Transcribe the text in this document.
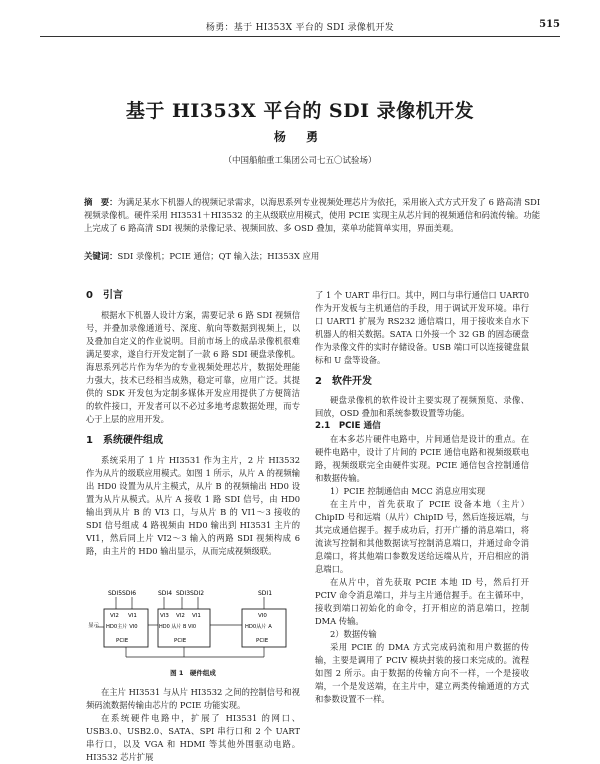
杨勇：基于 HI353X 平台的 SDI 录像机开发	515
基于 HI353X 平台的 SDI 录像机开发
杨 勇
（中国船舶重工集团公司七五〇试验场）
摘　要：为满足某水下机器人的视频记录需求，以海思系列专业视频处理芯片为依托，采用嵌入式方式开发了 6 路高清 SDI 视频录像机。硬件采用 HI3531＋HI3532 的主从级联应用模式，使用 PCIE 实现主从芯片间的视频通信和码流传输。功能上完成了 6 路高清 SDI 视频的录像记录、视频回放、多 OSD 叠加，菜单功能简单实用，界面美观。
关键词：SDI 录像机；PCIE 通信；QT 输入法；HI353X 应用
0　引言

根据水下机器人设计方案，需要记录 6 路 SDI 视频信号，并叠加录像通道号、深度、航向等数据到视频上，以及叠加自定义的作业说明。目前市场上的成品录像机很难满足要求，遂自行开发定制了一款 6 路 SDI 硬盘录像机。海思系列芯片作为华为的专业视频处理芯片，数据处理能力强大，技术已经相当成熟，稳定可靠，应用广泛。其提供的 SDK 开发包为定制多媒体开发应用提供了方便简洁的软件接口，开发者可以不必过多地考虑数据处理，而专心于上层的应用开发。

1　系统硬件组成

系统采用了 1 片 HI3531 作为主片，2 片 HI3532 作为从片的级联应用模式。如图 1 所示，从片 A 的视频输出 HD0 设置为从片主模式，从片 B 的视频输出 HD0 设置为从片从模式。从片 A 接收 1 路 SDI 信号，由 HD0 输出到从片 B 的 VI3 口，与从片 B 的 VI1～3 接收的 SDI 信号组成 4 路视频由 HD0 输出到 HI3531 主片的 VI1，然后同上片 VI2～3 输入的两路 SDI 视频构成 6 路，由主片的 HD0 输出显示，从而完成视频级联。

SDI5SDI6	SDI4 SDI3SDI2	SDI1
VI2 VI1
HD0主片 VI0
PCIE
VI3 VI2 VI1
HD0 从片 B VI0
PCIE
VI0
HD0从片 A
PCIE
显示
图 1　硬件组成

在主片 HI3531 与从片 HI3532 之间的控制信号和视频码流数据传输由芯片的 PCIE 功能实现。

在系统硬件电路中，扩展了 HI3531 的网口、USB3.0、USB2.0、SATA、SPI 串行口和 2 个 UART 串行口，以及 VGA 和 HDMI 等其他外围驱动电路。HI3532 芯片扩展

了 1 个 UART 串行口。其中，网口与串行通信口 UART0 作为开发板与主机通信的手段，用于调试开发环境。串行口 UART1 扩展为 RS232 通信端口，用于接收来自水下机器人的相关数据。SATA 口外接一个 32 GB 的固态硬盘作为录像文件的实时存储设备。USB 端口可以连接键盘鼠标和 U 盘等设备。

2　软件开发

硬盘录像机的软件设计主要实现了视频预览、录像、回放，OSD 叠加和系统参数设置等功能。

2.1　PCIE 通信

在本多芯片硬件电路中，片间通信是设计的重点。在硬件电路中，设计了片间的 PCIE 通信电路和视频级联电路，视频级联完全由硬件实现。PCIE 通信包含控制通信和数据传输。

1）PCIE 控制通信由 MCC 消息应用实现

在主片中，首先获取了 PCIE 设备本地（主片）ChipID 号和远端（从片）ChipID 号，然后连接远端，与其完成通信握手。握手成功后，打开广播的消息端口，将流读写控制和其他数据读写控制消息端口，并通过命令消息端口，将其他端口参数发送给远端从片，开启相应的消息端口。

在从片中，首先获取 PCIE 本地 ID 号，然后打开 PCIV 命令消息端口，并与主片通信握手。在主循环中，接收到端口初始化的命令，打开相应的消息端口，控制 DMA 传输。

2）数据传输

采用 PCIE 的 DMA 方式完成码流和用户数据的传输，主要是调用了 PCIV 模块封装的接口来完成的。流程如图 2 所示。由于数据的传输方向不一样，一个是接收端，一个是发送端，在主片中，建立两类传输通道的方式和参数设置不一样。
